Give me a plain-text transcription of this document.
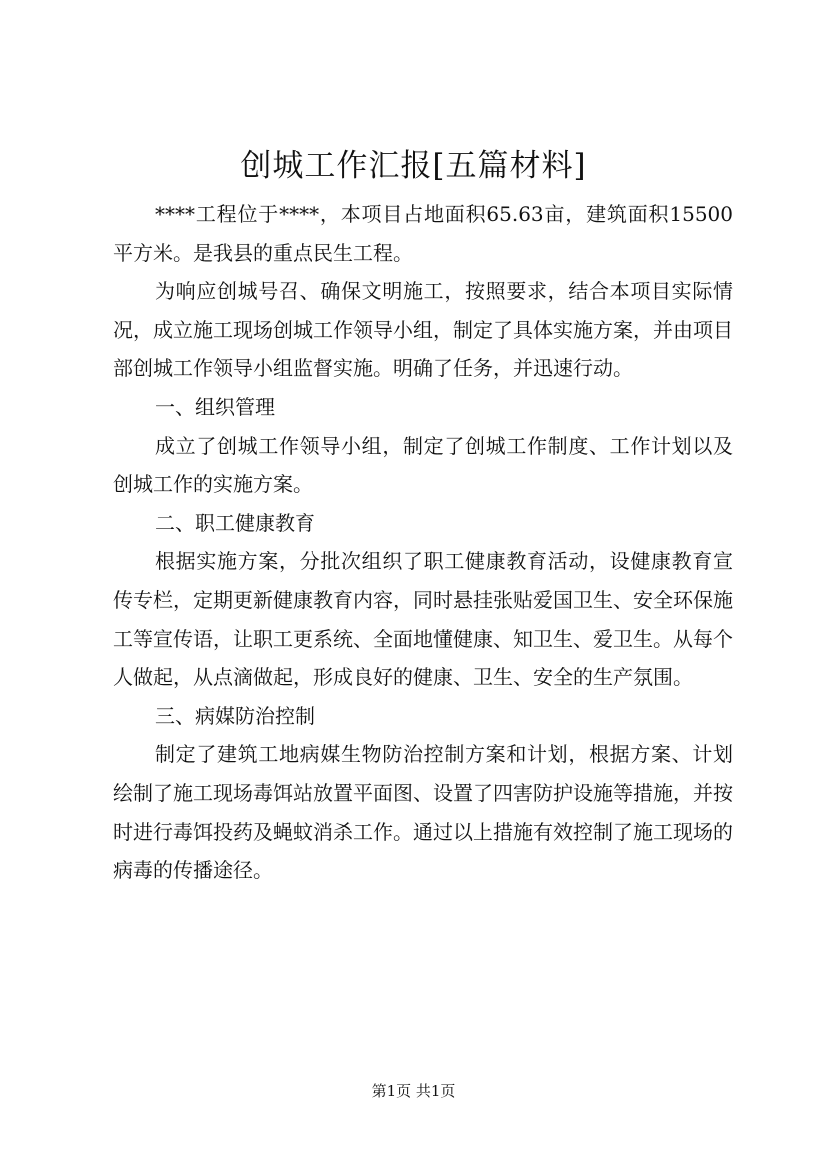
创城工作汇报[五篇材料]

****工程位于****，本项目占地面积65.63亩，建筑面积15500平方米。是我县的重点民生工程。

为响应创城号召、确保文明施工，按照要求，结合本项目实际情况，成立施工现场创城工作领导小组，制定了具体实施方案，并由项目部创城工作领导小组监督实施。明确了任务，并迅速行动。

一、组织管理

成立了创城工作领导小组，制定了创城工作制度、工作计划以及创城工作的实施方案。

二、职工健康教育

根据实施方案，分批次组织了职工健康教育活动，设健康教育宣传专栏，定期更新健康教育内容，同时悬挂张贴爱国卫生、安全环保施工等宣传语，让职工更系统、全面地懂健康、知卫生、爱卫生。从每个人做起，从点滴做起，形成良好的健康、卫生、安全的生产氛围。

三、病媒防治控制

制定了建筑工地病媒生物防治控制方案和计划，根据方案、计划绘制了施工现场毒饵站放置平面图、设置了四害防护设施等措施，并按时进行毒饵投药及蝇蚊消杀工作。通过以上措施有效控制了施工现场的病毒的传播途径。

第1页 共1页
